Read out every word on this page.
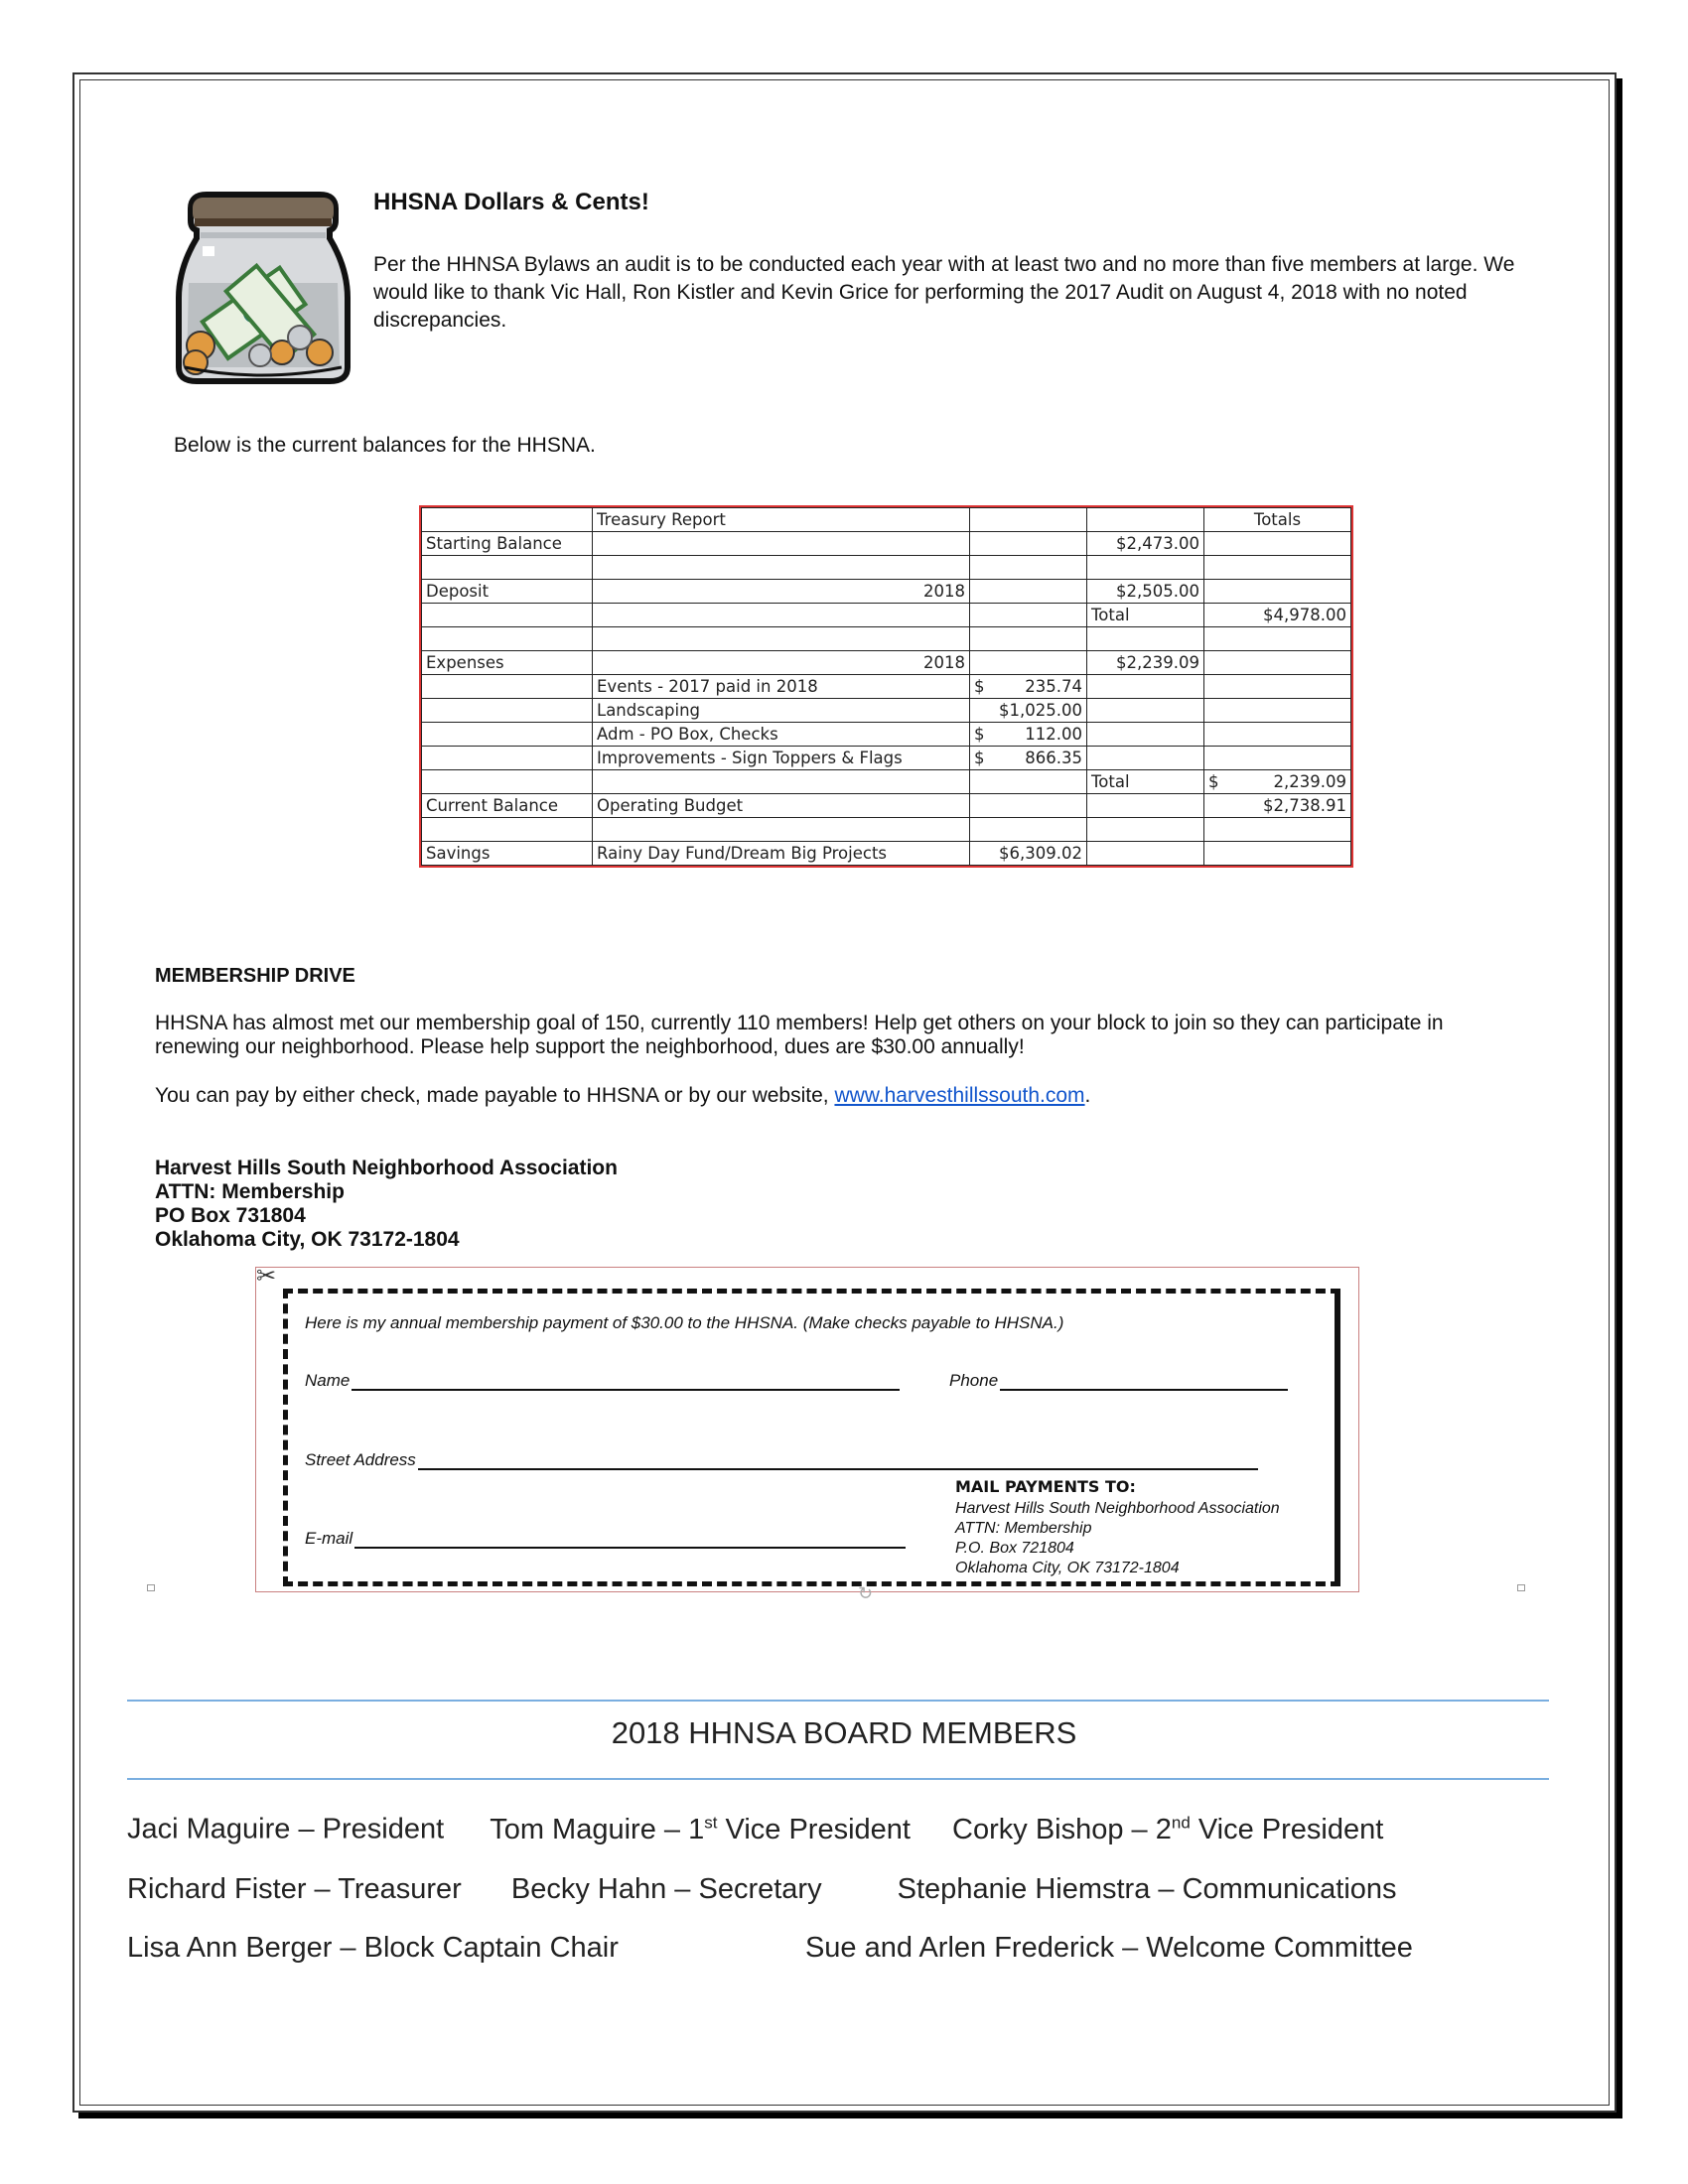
HHSNA Dollars & Cents!
Per the HHNSA Bylaws an audit is to be conducted each year with at least two and no more than five members at large. We would like to thank Vic Hall, Ron Kistler and Kevin Grice for performing the 2017 Audit on August 4, 2018 with no noted discrepancies.
Below is the current balances for the HHSNA.
	Treasury Report			Totals
Starting Balance			$2,473.00	

Deposit	2018		$2,505.00	
			Total	$4,978.00

Expenses	2018		$2,239.09	
	Events - 2017 paid in 2018	$ 235.74		

	Landscaping	$1,025.00		
	Adm - PO Box, Checks	$ 112.00		

	Improvements - Sign Toppers & Flags	$ 866.35		

			Total	$ 2,239.09

Current Balance	Operating Budget			$2,738.91

Savings	Rainy Day Fund/Dream Big Projects	$6,309.02		
MEMBERSHIP DRIVE
HHSNA has almost met our membership goal of 150, currently 110 members! Help get others on your block to join so they can participate in renewing our neighborhood. Please help support the neighborhood, dues are $30.00 annually!
You can pay by either check, made payable to HHSNA or by our website, www.harvesthillssouth.com.
Harvest Hills South Neighborhood Association
ATTN: Membership
PO Box 731804
Oklahoma City, OK 73172-1804
✂
Here is my annual membership payment of $30.00 to the HHSNA. (Make checks payable to HHSNA.)
Name	Phone
Street Address
E-mail
MAIL PAYMENTS TO:
Harvest Hills South Neighborhood Association
ATTN: Membership
P.O. Box 721804
Oklahoma City, OK 73172-1804
↻
2018 HHNSA BOARD MEMBERS
Jaci Maguire – President Tom Maguire – 1st Vice President Corky Bishop – 2nd Vice President
Richard Fister – Treasurer Becky Hahn – Secretary	Stephanie Hiemstra – Communications
Lisa Ann Berger – Block Captain Chair	Sue and Arlen Frederick – Welcome Committee
